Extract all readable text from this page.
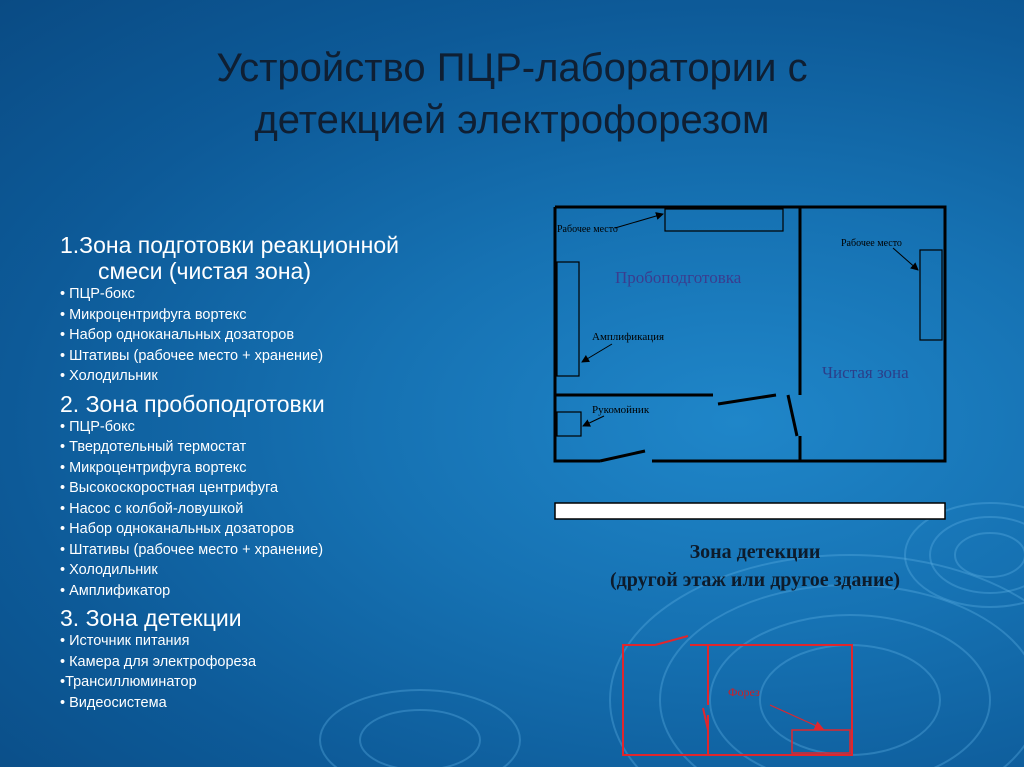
Устройство ПЦР-лаборатории с
детекцией электрофорезом
1.Зона подготовки реакционной
смеси (чистая зона)
• ПЦР-бокс
• Микроцентрифуга вортекс
• Набор одноканальных дозаторов
• Штативы (рабочее место + хранение)
• Холодильник
2. Зона пробоподготовки
• ПЦР-бокс
• Твердотельный термостат
• Микроцентрифуга вортекс
• Высокоскоростная центрифуга
• Насос с колбой-ловушкой
• Набор одноканальных дозаторов
• Штативы (рабочее место + хранение)
• Холодильник
• Амплификатор
3. Зона детекции
• Источник питания
• Камера для электрофореза
•Трансиллюминатор
• Видеосистема
Рабочее место
Рабочее место
Пробоподготовка
Амплификация
Чистая зона
Рукомойник
Форез
Зона детекции
(другой этаж или другое здание)
